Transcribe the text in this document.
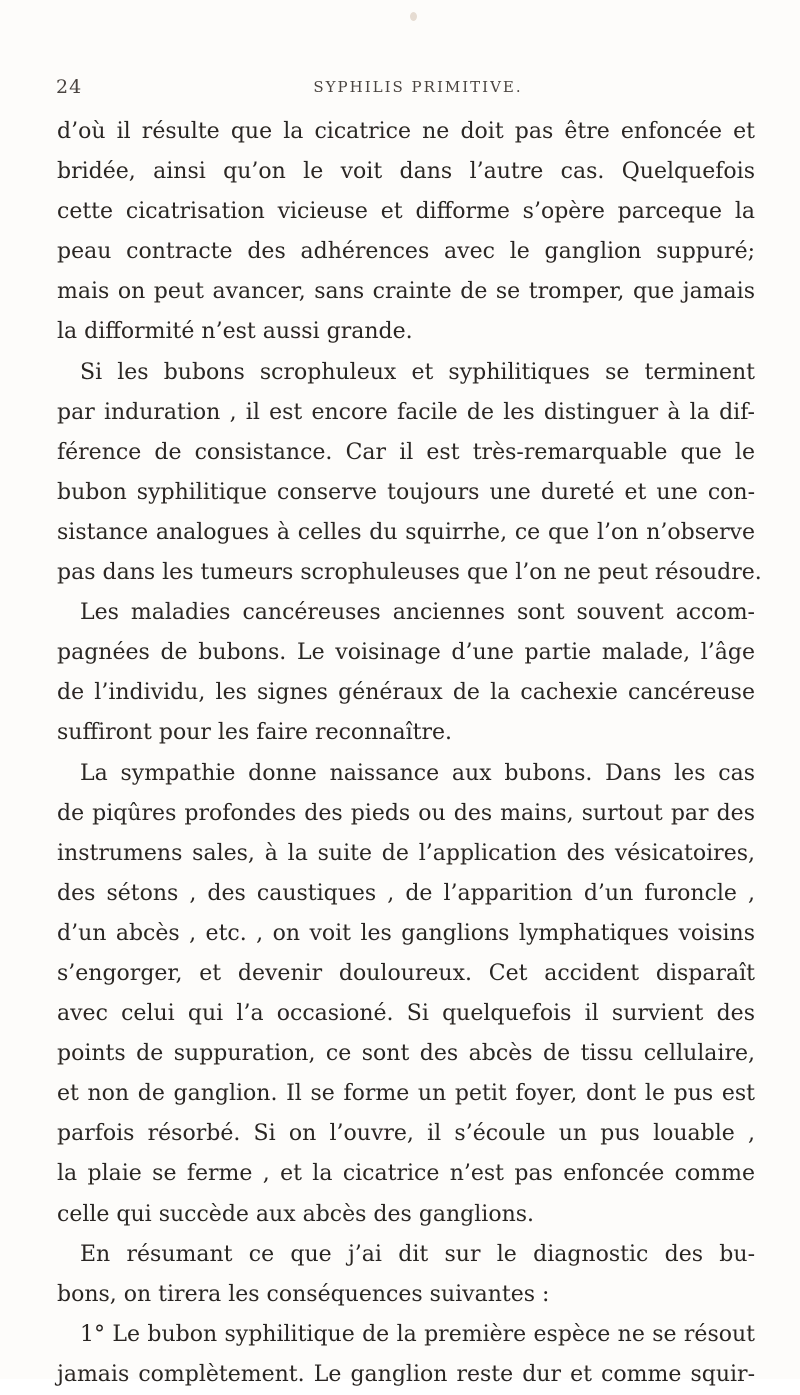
24	SYPHILIS PRIMITIVE.
d’où il résulte que la cicatrice ne doit pas être enfoncée et
bridée, ainsi qu’on le voit dans l’autre cas. Quelquefois
cette cicatrisation vicieuse et difforme s’opère parceque la
peau contracte des adhérences avec le ganglion suppuré;
mais on peut avancer, sans crainte de se tromper, que jamais
la difformité n’est aussi grande.
Si les bubons scrophuleux et syphilitiques se terminent
par induration , il est encore facile de les distinguer à la dif-
férence de consistance. Car il est très-remarquable que le
bubon syphilitique conserve toujours une dureté et une con-
sistance analogues à celles du squirrhe, ce que l’on n’observe
pas dans les tumeurs scrophuleuses que l’on ne peut résoudre.
Les maladies cancéreuses anciennes sont souvent accom-
pagnées de bubons. Le voisinage d’une partie malade, l’âge
de l’individu, les signes généraux de la cachexie cancéreuse
suffiront pour les faire reconnaître.
La sympathie donne naissance aux bubons. Dans les cas
de piqûres profondes des pieds ou des mains, surtout par des
instrumens sales, à la suite de l’application des vésicatoires,
des sétons , des caustiques , de l’apparition d’un furoncle ,
d’un abcès , etc. , on voit les ganglions lymphatiques voisins
s’engorger, et devenir douloureux. Cet accident disparaît
avec celui qui l’a occasioné. Si quelquefois il survient des
points de suppuration, ce sont des abcès de tissu cellulaire,
et non de ganglion. Il se forme un petit foyer, dont le pus est
parfois résorbé. Si on l’ouvre, il s’écoule un pus louable ,
la plaie se ferme , et la cicatrice n’est pas enfoncée comme
celle qui succède aux abcès des ganglions.
En résumant ce que j’ai dit sur le diagnostic des bu-
bons, on tirera les conséquences suivantes :
1° Le bubon syphilitique de la première espèce ne se résout
jamais complètement. Le ganglion reste dur et comme squir-
